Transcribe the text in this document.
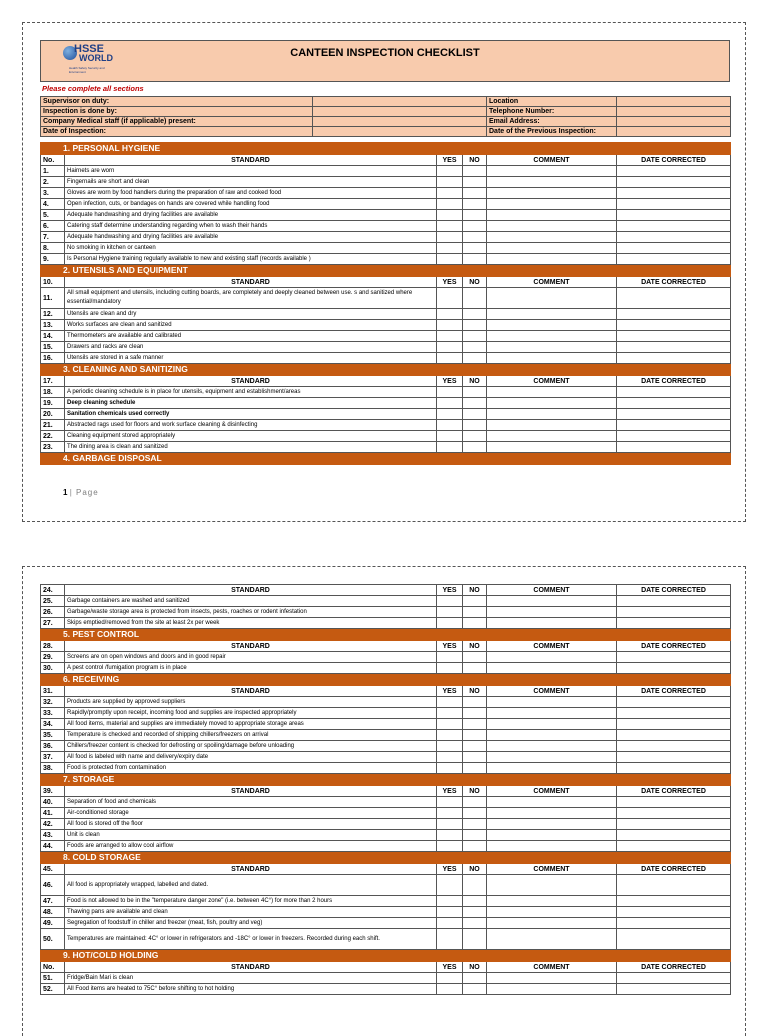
HSSE
WORLD
Health Safety Security and Environment
CANTEEN INSPECTION CHECKLIST
Please complete all sections
Supervisor on duty:		Location	
Inspection is done by:		Telephone Number:	
Company Medical staff (if applicable) present:		Email Address:	
Date of Inspection:		Date of the Previous Inspection:	
1. PERSONAL HYGIENE					
No.	STANDARD	YES	NO	COMMENT	DATE CORRECTED
1.	Hairnets are worn				
2.	Fingernails are short and clean				
3.	Gloves are worn by food handlers during the preparation of raw and cooked food				
4.	Open infection, cuts, or bandages on hands are covered while handling food				
5.	Adequate handwashing and drying facilities are available				
6.	Catering staff determine understanding regarding when to wash their hands				
7.	Adequate handwashing and drying facilities are available				
8.	No smoking in kitchen or canteen				
9.	Is Personal Hygiene training regularly available to new and existing staff (records available )				
2. UTENSILS AND EQUIPMENT					
10.	STANDARD	YES	NO	COMMENT	DATE CORRECTED
11.	All small equipment and utensils, including cutting boards, are completely and deeply cleaned between use. s and sanitized where essential/mandatory				
12.	Utensils are clean and dry				
13.	Works surfaces are clean and sanitized				
14.	Thermometers are available and calibrated				
15.	Drawers and racks are clean				
16.	Utensils are stored in a safe manner				
3. CLEANING AND SANITIZING					
17.	STANDARD	YES	NO	COMMENT	DATE CORRECTED
18.	A periodic cleaning schedule is in place for utensils, equipment and establishment/areas				
19.	Deep cleaning schedule				
20.	Sanitation chemicals used correctly				
21.	Abstracted rags used for floors and work surface cleaning & disinfecting				
22.	Cleaning equipment stored appropriately				
23.	The dining area is clean and sanitized				
4. GARBAGE DISPOSAL					
1 | Page
24.	STANDARD	YES	NO	COMMENT	DATE CORRECTED
25.	Garbage containers are washed and sanitized				
26.	Garbage/waste storage area is protected from insects, pests, roaches or rodent infestation				
27.	Skips emptied/removed from the site at least 2x per week				
5. PEST CONTROL					
28.	STANDARD	YES	NO	COMMENT	DATE CORRECTED
29.	Screens are on open windows and doors and in good repair				
30.	A pest control /fumigation program is in place				
6. RECEIVING					
31.	STANDARD	YES	NO	COMMENT	DATE CORRECTED
32.	Products are supplied by approved suppliers				
33.	Rapidly/promptly upon receipt, incoming food and supplies are inspected appropriately				
34.	All food items, material and supplies are immediately moved to appropriate storage areas				
35.	Temperature is checked and recorded of shipping chillers/freezers on arrival				
36.	Chillers/freezer content is checked for defrosting or spoiling/damage before unloading				
37.	All food is labeled with name and delivery/expiry date				
38.	Food is protected from contamination				
7. STORAGE					
39.	STANDARD	YES	NO	COMMENT	DATE CORRECTED
40.	Separation of food and chemicals				
41.	Air-conditioned storage				
42.	All food is stored off the floor				
43.	Unit is clean				
44.	Foods are arranged to allow cool airflow				
8. COLD STORAGE					
45.	STANDARD	YES	NO	COMMENT	DATE CORRECTED
46.	All food is appropriately wrapped, labelled and dated.				
47.	Food is not allowed to be in the "temperature danger zone" (i.e. between 4C°) for more than 2 hours				
48.	Thawing pans are available and clean				
49.	Segregation of foodstuff in chiller and freezer (meat, fish, poultry and veg)				
50.	Temperatures are maintained: 4C° or lower in refrigerators and -18C° or lower in freezers. Recorded during each shift.				
9. HOT/COLD HOLDING					
No.	STANDARD	YES	NO	COMMENT	DATE CORRECTED
51.	Fridge/Bain Mari is clean				
52.	All Food items are heated to 75C° before shifting to hot holding				
